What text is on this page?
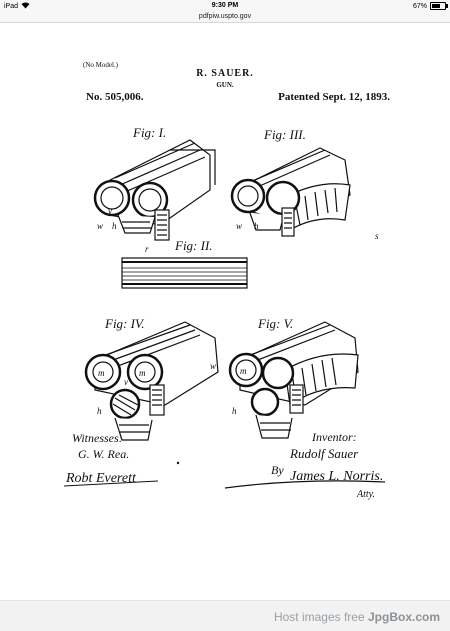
iPad	9:30 PM	67%
pdfpiw.uspto.gov
Fig: I.
w h
v
Fig: III.
w h
s
Fig: II.
r
Fig: IV.
m	m
v
h
Fig: V.
w	m
h
Witnesses:
G. W. Rea.
Robt Everett
Inventor:
Rudolf Sauer
By James L. Norris.
Atty.
(No Model.)
R. SAUER.
GUN.
No. 505,006.	Patented Sept. 12, 1893.
Host images free JpgBox.com
